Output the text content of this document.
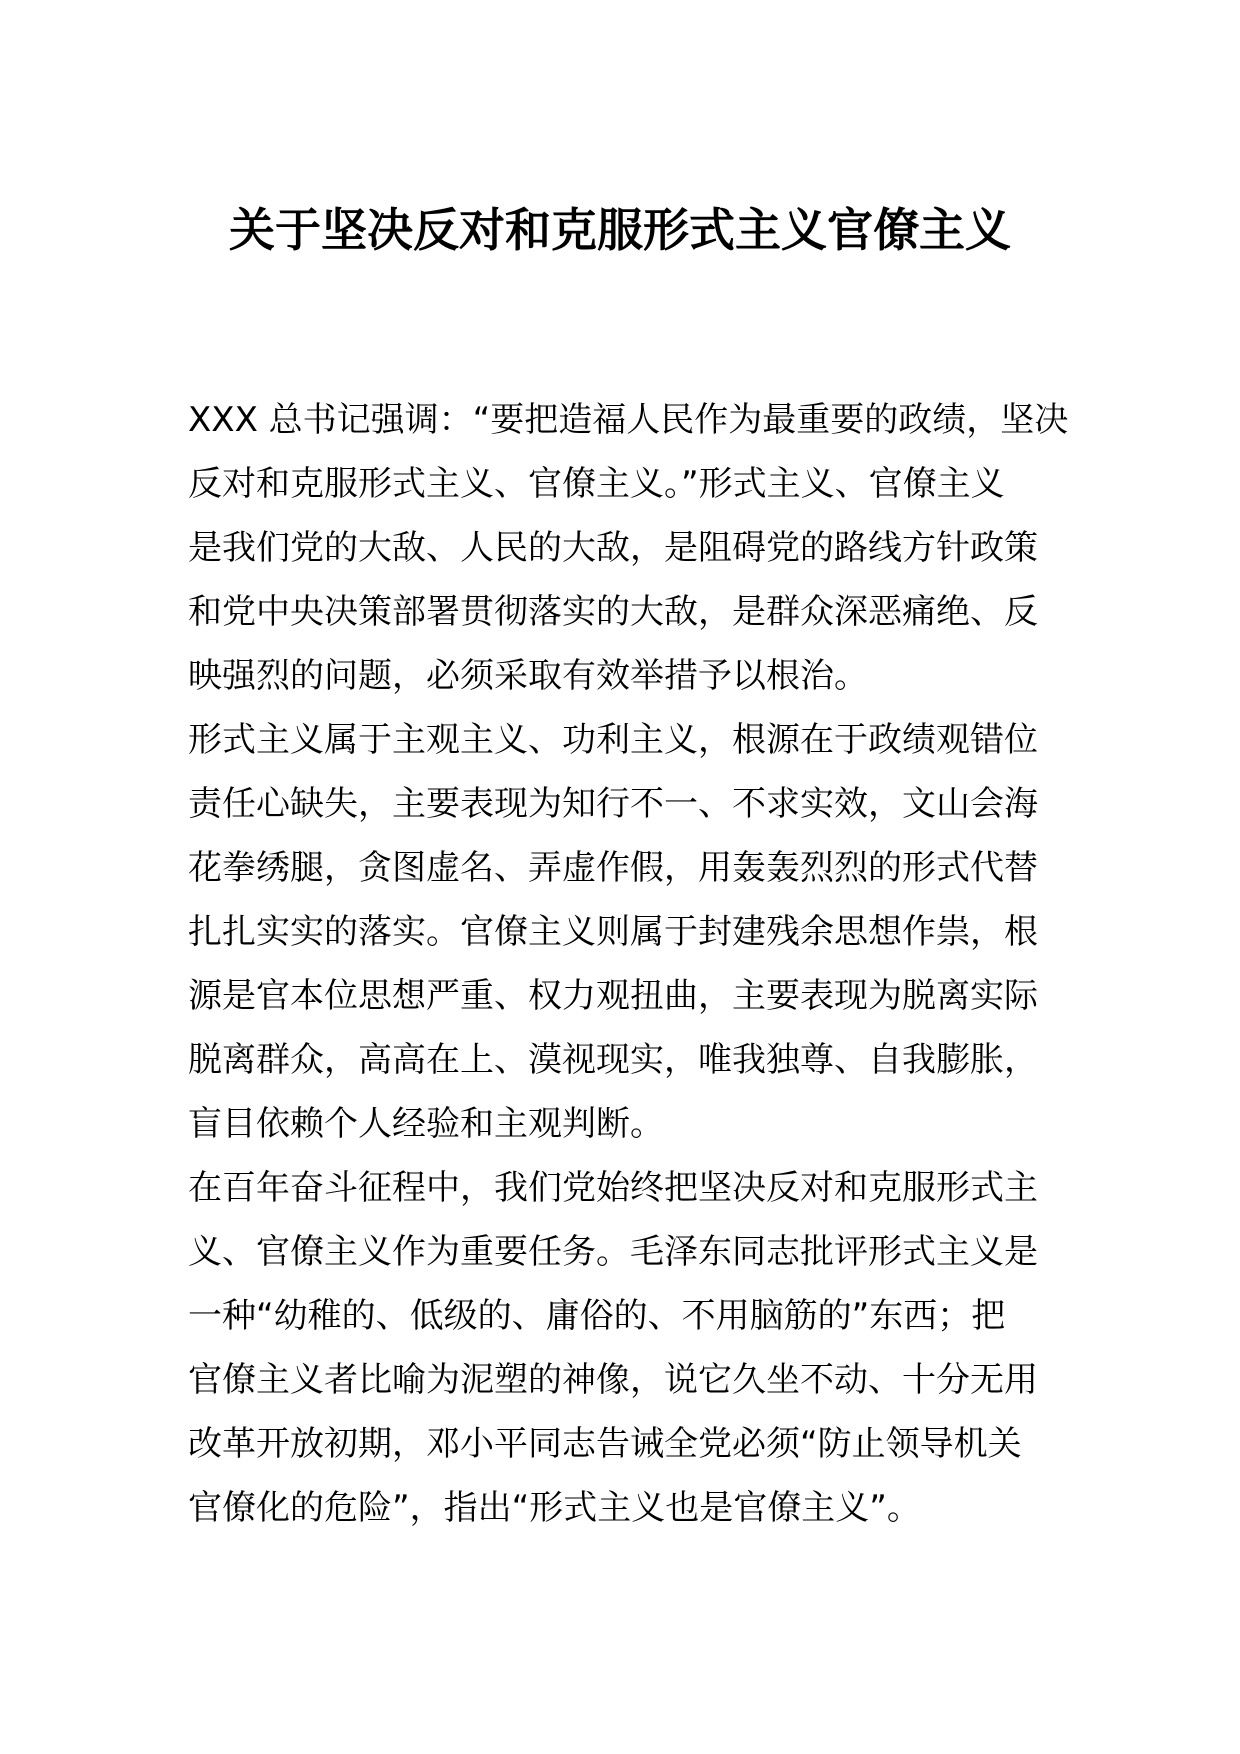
关于坚决反对和克服形式主义官僚主义
XXX 总书记强调：“要把造福人民作为最重要的政绩，坚决
反对和克服形式主义、官僚主义。”形式主义、官僚主义
是我们党的大敌、人民的大敌，是阻碍党的路线方针政策
和党中央决策部署贯彻落实的大敌，是群众深恶痛绝、反
映强烈的问题，必须采取有效举措予以根治。
形式主义属于主观主义、功利主义，根源在于政绩观错位
责任心缺失，主要表现为知行不一、不求实效，文山会海
花拳绣腿，贪图虚名、弄虚作假，用轰轰烈烈的形式代替
扎扎实实的落实。官僚主义则属于封建残余思想作祟，根
源是官本位思想严重、权力观扭曲，主要表现为脱离实际
脱离群众，高高在上、漠视现实，唯我独尊、自我膨胀，
盲目依赖个人经验和主观判断。
在百年奋斗征程中，我们党始终把坚决反对和克服形式主
义、官僚主义作为重要任务。毛泽东同志批评形式主义是
一种“幼稚的、低级的、庸俗的、不用脑筋的”东西；把
官僚主义者比喻为泥塑的神像，说它久坐不动、十分无用
改革开放初期，邓小平同志告诫全党必须“防止领导机关
官僚化的危险”，指出“形式主义也是官僚主义”。
